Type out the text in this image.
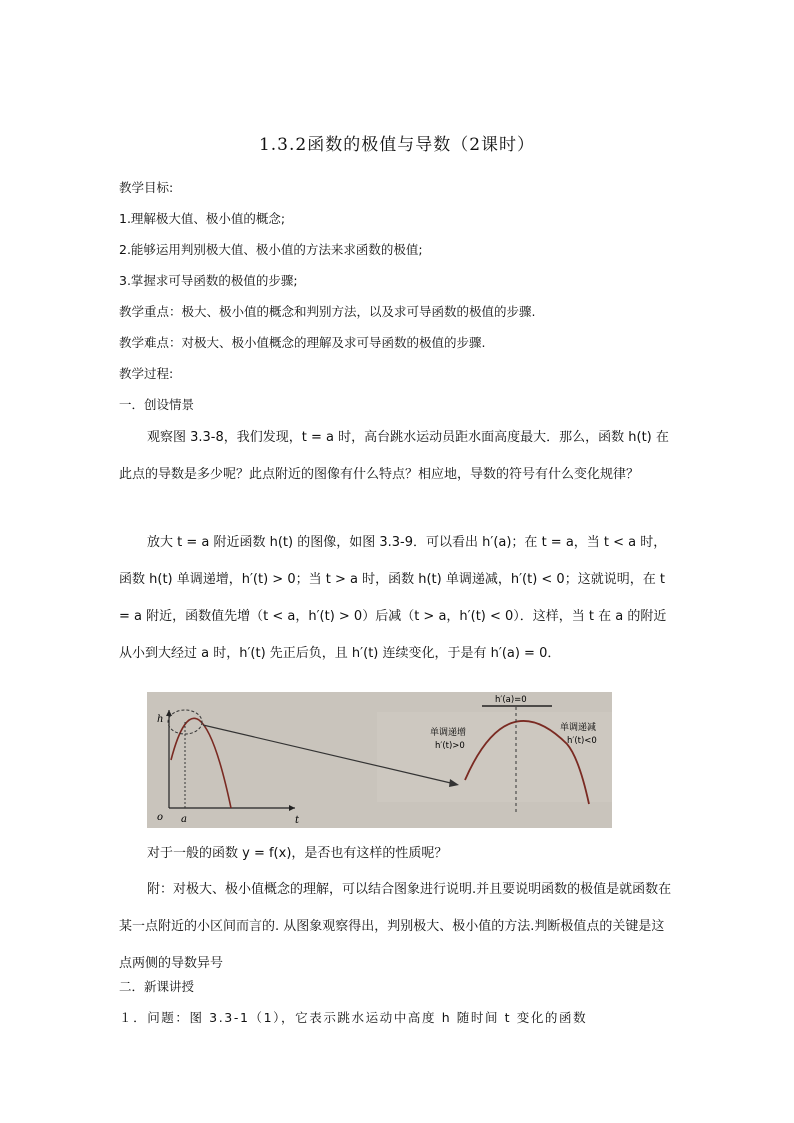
1.3.2函数的极值与导数（2课时）
教学目标:
1.理解极大值、极小值的概念;
2.能够运用判别极大值、极小值的方法来求函数的极值;
3.掌握求可导函数的极值的步骤;
教学重点：极大、极小值的概念和判别方法，以及求可导函数的极值的步骤.
教学难点：对极大、极小值概念的理解及求可导函数的极值的步骤.
教学过程:
一．创设情景
观察图 3.3-8，我们发现，t = a 时，高台跳水运动员距水面高度最大．那么，函数 h(t) 在此点的导数是多少呢？此点附近的图像有什么特点？相应地，导数的符号有什么变化规律？
放大 t = a 附近函数 h(t) 的图像，如图 3.3-9．可以看出 h′(a)；在 t = a，当 t < a 时，函数 h(t) 单调递增，h′(t) > 0；当 t > a 时，函数 h(t) 单调递减，h′(t) < 0；这就说明，在 t = a 附近，函数值先增（t < a，h′(t) > 0）后减（t > a，h′(t) < 0）．这样，当 t 在 a 的附近从小到大经过 a 时，h′(t) 先正后负，且 h′(t) 连续变化，于是有 h′(a) = 0．
h
t
o a
h′(a)=0
单调递增
h′(t)>0
单调递减
h′(t)<0
对于一般的函数 y = f(x)，是否也有这样的性质呢？
附：对极大、极小值概念的理解，可以结合图象进行说明.并且要说明函数的极值是就函数在某一点附近的小区间而言的. 从图象观察得出，判别极大、极小值的方法.判断极值点的关键是这点两侧的导数异号
二．新课讲授
１．问题：图 3.3-1（1），它表示跳水运动中高度 h 随时间 t 变化的函数
